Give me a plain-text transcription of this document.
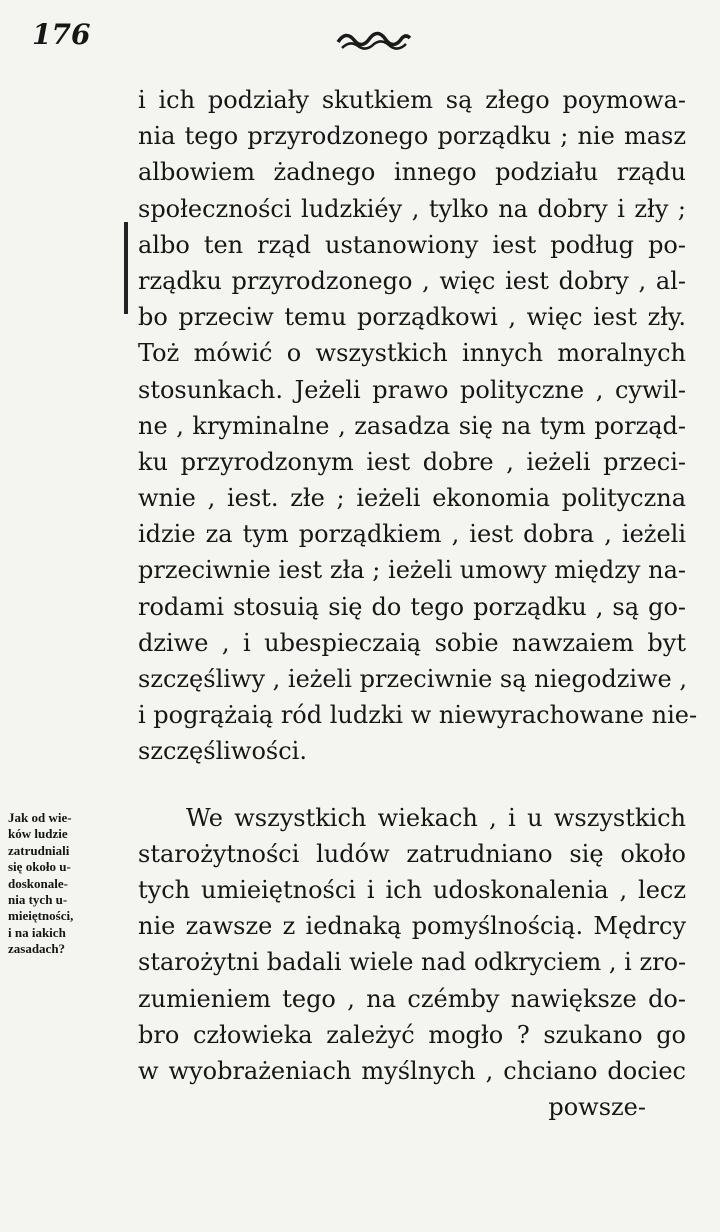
176
i ich podziały skutkiem są złego poymowa-
nia tego przyrodzonego porządku ; nie masz
albowiem żadnego innego podziału rządu
społeczności ludzkiéy , tylko na dobry i zły ;
albo ten rząd ustanowiony iest podług po-
rządku przyrodzonego , więc iest dobry , al-
bo przeciw temu porządkowi , więc iest zły.
Toż mówić o wszystkich innych moralnych
stosunkach. Jeżeli prawo polityczne , cywil-
ne , kryminalne , zasadza się na tym porząd-
ku przyrodzonym iest dobre , ieżeli przeci-
wnie , iest. złe ; ieżeli ekonomia polityczna
idzie za tym porządkiem , iest dobra , ieżeli
przeciwnie iest zła ; ieżeli umowy między na-
rodami stosuią się do tego porządku , są go-
dziwe , i ubespieczaią sobie nawzaiem byt
szczęśliwy , ieżeli przeciwnie są niegodziwe ,
i pogrążaią ród ludzki w niewyrachowane nie-
szczęśliwości.
We wszystkich wiekach , i u wszystkich
starożytności ludów zatrudniano się około
tych umieiętności i ich udoskonalenia , lecz
nie zawsze z iednaką pomyślnością. Mędrcy
starożytni badali wiele nad odkryciem , i zro-
zumieniem tego , na czémby nawiększe do-
bro człowieka zależyć mogło ? szukano go
w wyobrażeniach myślnych , chciano dociec
powsze-
Jak od wie-
ków ludzie
zatrudniali
się około u-
doskonale-
nia tych u-
mieiętności,
i na iakich
zasadach?
